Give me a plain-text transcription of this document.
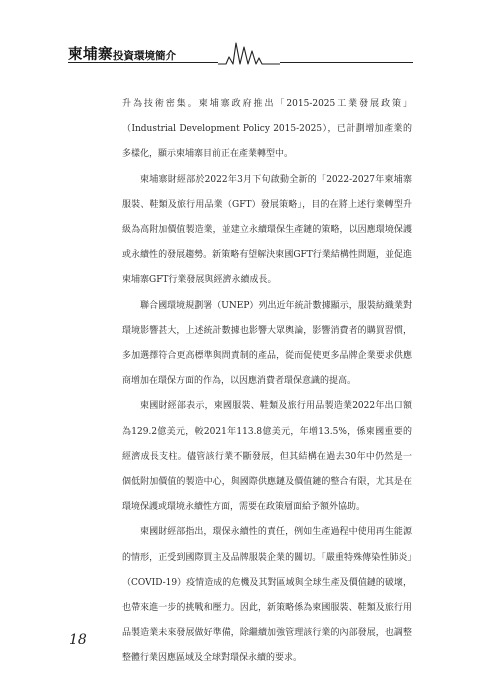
柬埔寨投資環境簡介

升為技術密集。柬埔寨政府推出「2015-2025工業發展政策」（Industrial Development Policy 2015-2025），已計劃增加產業的多樣化，顯示柬埔寨目前正在產業轉型中。

柬埔寨財經部於2022年3月下旬啟動全新的「2022-2027年柬埔寨服裝、鞋類及旅行用品業（GFT）發展策略」，目的在將上述行業轉型升級為高附加價值製造業，並建立永續環保生產鏈的策略，以因應環境保護或永續性的發展趨勢。新策略有望解決柬國GFT行業結構性問題，並促進柬埔寨GFT行業發展與經濟永續成長。

聯合國環境規劃署（UNEP）列出近年統計數據顯示，服裝紡織業對環境影響甚大，上述統計數據也影響大眾輿論，影響消費者的購買習慣，多加選擇符合更高標準與問責制的產品，從而促使更多品牌企業要求供應商增加在環保方面的作為，以因應消費者環保意識的提高。

柬國財經部表示，柬國服裝、鞋類及旅行用品製造業2022年出口額為129.2億美元，較2021年113.8億美元，年增13.5%，係柬國重要的經濟成長支柱。儘管該行業不斷發展，但其結構在過去30年中仍然是一個低附加價值的製造中心，與國際供應鏈及價值鏈的整合有限，尤其是在環境保護或環境永續性方面，需要在政策層面給予額外協助。

柬國財經部指出，環保永續性的責任，例如生產過程中使用再生能源的情形，正受到國際買主及品牌服裝企業的關切。「嚴重特殊傳染性肺炎」（COVID-19）疫情造成的危機及其對區域與全球生產及價值鏈的破壞，也帶來進一步的挑戰和壓力。因此，新策略係為柬國服裝、鞋類及旅行用品製造業未來發展做好準備，除繼續加強管理該行業的內部發展，也調整整體行業因應區域及全球對環保永續的要求。

18
